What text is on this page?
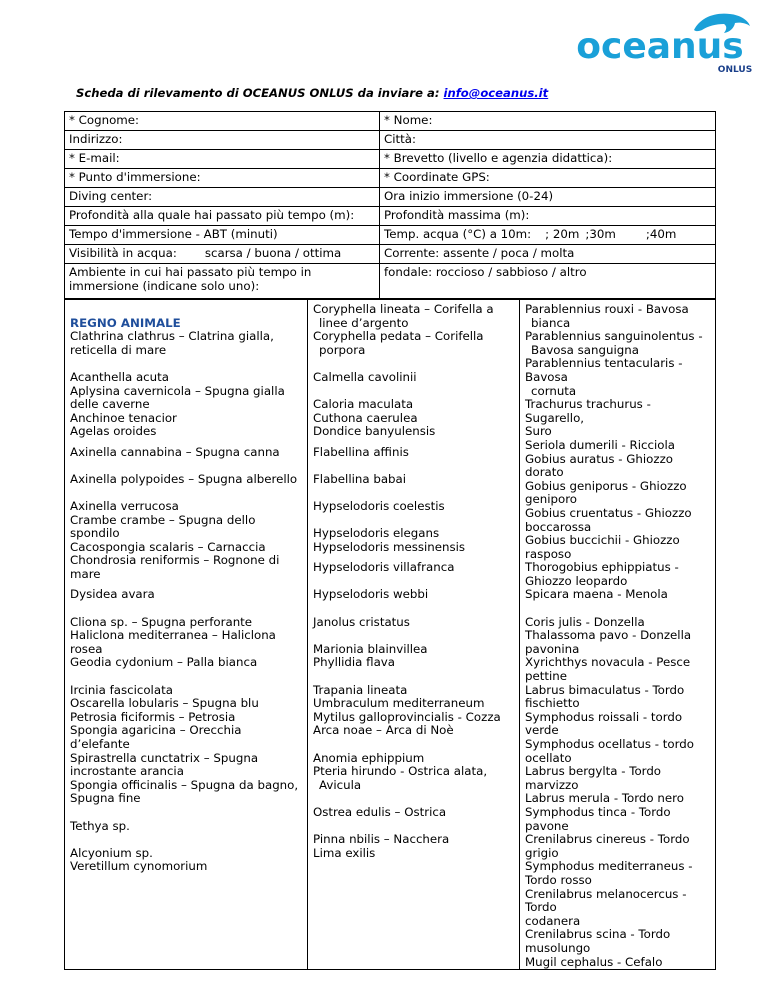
oceanus
ONLUS
Scheda di rilevamento di OCEANUS ONLUS da inviare a: info@oceanus.it
* Cognome:	* Nome:
Indirizzo:	Città:
* E-mail:	* Brevetto (livello e agenzia didattica):
* Punto d'immersione:	* Coordinate GPS:
Diving center:	Ora inizio immersione (0-24)
Profondità alla quale hai passato più tempo (m):	Profondità massima (m):
Tempo d'immersione - ABT (minuti)	Temp. acqua (°C) a 10m: ; 20m ;30m ;40m
Visibilità in acqua: scarsa / buona / ottima	Corrente: assente / poca / molta

Ambiente in cui hai passato più tempo in
immersione (indicane solo uno):	fondale: roccioso / sabbioso / altro
REGNO ANIMALE
Clathrina clathrus – Clatrina gialla,
reticella di mare
Acanthella acuta
Aplysina cavernicola – Spugna gialla
delle caverne
Anchinoe tenacior
Agelas oroides
Axinella cannabina – Spugna canna
Axinella polypoides – Spugna alberello
Axinella verrucosa
Crambe crambe – Spugna dello
spondilo
Cacospongia scalaris – Carnaccia
Chondrosia reniformis – Rognone di
mare
Dysidea avara
Cliona sp. – Spugna perforante
Haliclona mediterranea – Haliclona
rosea
Geodia cydonium – Palla bianca
Ircinia fascicolata
Oscarella lobularis – Spugna blu
Petrosia ficiformis – Petrosia
Spongia agaricina – Orecchia d’elefante
Spirastrella cunctatrix – Spugna
incrostante arancia
Spongia officinalis – Spugna da bagno,
Spugna fine
Tethya sp.
Alcyonium sp.
Veretillum cynomorium

Coryphella lineata – Corifella a
linee d’argento
Coryphella pedata – Corifella
porpora
Calmella cavolinii
Caloria maculata
Cuthona caerulea
Dondice banyulensis
Flabellina affinis
Flabellina babai
Hypselodoris coelestis
Hypselodoris elegans
Hypselodoris messinensis
Hypselodoris villafranca
Hypselodoris webbi
Janolus cristatus
Marionia blainvillea
Phyllidia flava
Trapania lineata
Umbraculum mediterraneum
Mytilus galloprovincialis - Cozza
Arca noae – Arca di Noè
Anomia ephippium
Pteria hirundo - Ostrica alata,
Avicula
Ostrea edulis – Ostrica
Pinna nbilis – Nacchera
Lima exilis

Parablennius rouxi - Bavosa
bianca
Parablennius sanguinolentus -
Bavosa sanguigna
Parablennius tentacularis - Bavosa
cornuta
Trachurus trachurus - Sugarello,
Suro
Seriola dumerili - Ricciola
Gobius auratus - Ghiozzo dorato
Gobius geniporus - Ghiozzo
geniporo
Gobius cruentatus - Ghiozzo
boccarossa
Gobius buccichii - Ghiozzo
rasposo
Thorogobius ephippiatus -
Ghiozzo leopardo
Spicara maena - Menola
Coris julis - Donzella
Thalassoma pavo - Donzella
pavonina
Xyrichthys novacula - Pesce
pettine
Labrus bimaculatus - Tordo
fischietto
Symphodus roissali - tordo verde
Symphodus ocellatus - tordo
ocellato
Labrus bergylta - Tordo marvizzo
Labrus merula - Tordo nero
Symphodus tinca - Tordo pavone
Crenilabrus cinereus - Tordo
grigio
Symphodus mediterraneus -
Tordo rosso
Crenilabrus melanocercus - Tordo
codanera
Crenilabrus scina - Tordo
musolungo
Mugil cephalus - Cefalo
